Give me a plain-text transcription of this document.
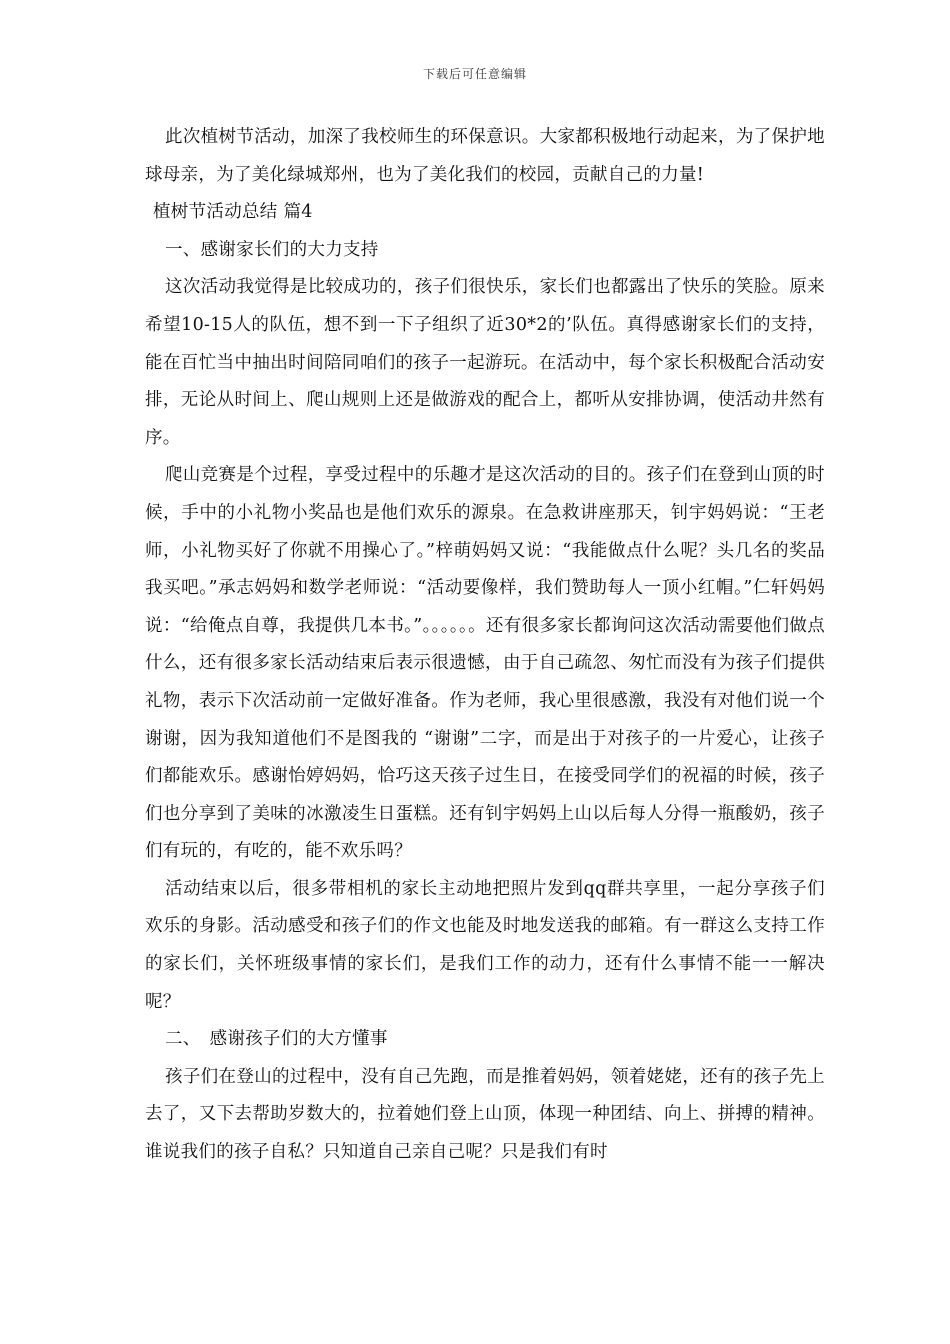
下载后可任意编辑

此次植树节活动，加深了我校师生的环保意识。大家都积极地行动起来，为了保护地球母亲，为了美化绿城郑州，也为了美化我们的校园，贡献自己的力量!

植树节活动总结 篇4

一、感谢家长们的大力支持

这次活动我觉得是比较成功的，孩子们很快乐，家长们也都露出了快乐的笑脸。原来希望10-15人的队伍，想不到一下子组织了近30*2的’队伍。真得感谢家长们的支持，能在百忙当中抽出时间陪同咱们的孩子一起游玩。在活动中，每个家长积极配合活动安排，无论从时间上、爬山规则上还是做游戏的配合上，都听从安排协调，使活动井然有序。

爬山竞赛是个过程，享受过程中的乐趣才是这次活动的目的。孩子们在登到山顶的时候，手中的小礼物小奖品也是他们欢乐的源泉。在急救讲座那天，钊宇妈妈说：“王老师，小礼物买好了你就不用操心了。”梓萌妈妈又说：“我能做点什么呢？头几名的奖品我买吧。”承志妈妈和数学老师说：“活动要像样，我们赞助每人一顶小红帽。”仁轩妈妈说：“给俺点自尊，我提供几本书。”。。。。。。还有很多家长都询问这次活动需要他们做点什么，还有很多家长活动结束后表示很遗憾，由于自己疏忽、匆忙而没有为孩子们提供礼物，表示下次活动前一定做好准备。作为老师，我心里很感激，我没有对他们说一个谢谢，因为我知道他们不是图我的 “谢谢”二字，而是出于对孩子的一片爱心，让孩子们都能欢乐。感谢怡婷妈妈，恰巧这天孩子过生日，在接受同学们的祝福的时候，孩子们也分享到了美味的冰激凌生日蛋糕。还有钊宇妈妈上山以后每人分得一瓶酸奶，孩子们有玩的，有吃的，能不欢乐吗？

活动结束以后，很多带相机的家长主动地把照片发到qq群共享里，一起分享孩子们欢乐的身影。活动感受和孩子们的作文也能及时地发送我的邮箱。有一群这么支持工作的家长们，关怀班级事情的家长们，是我们工作的动力，还有什么事情不能一一解决呢？

二、　感谢孩子们的大方懂事

孩子们在登山的过程中，没有自己先跑，而是推着妈妈，领着姥姥，还有的孩子先上去了，又下去帮助岁数大的，拉着她们登上山顶，体现一种团结、向上、拼搏的精神。谁说我们的孩子自私？只知道自己亲自己呢？只是我们有时
